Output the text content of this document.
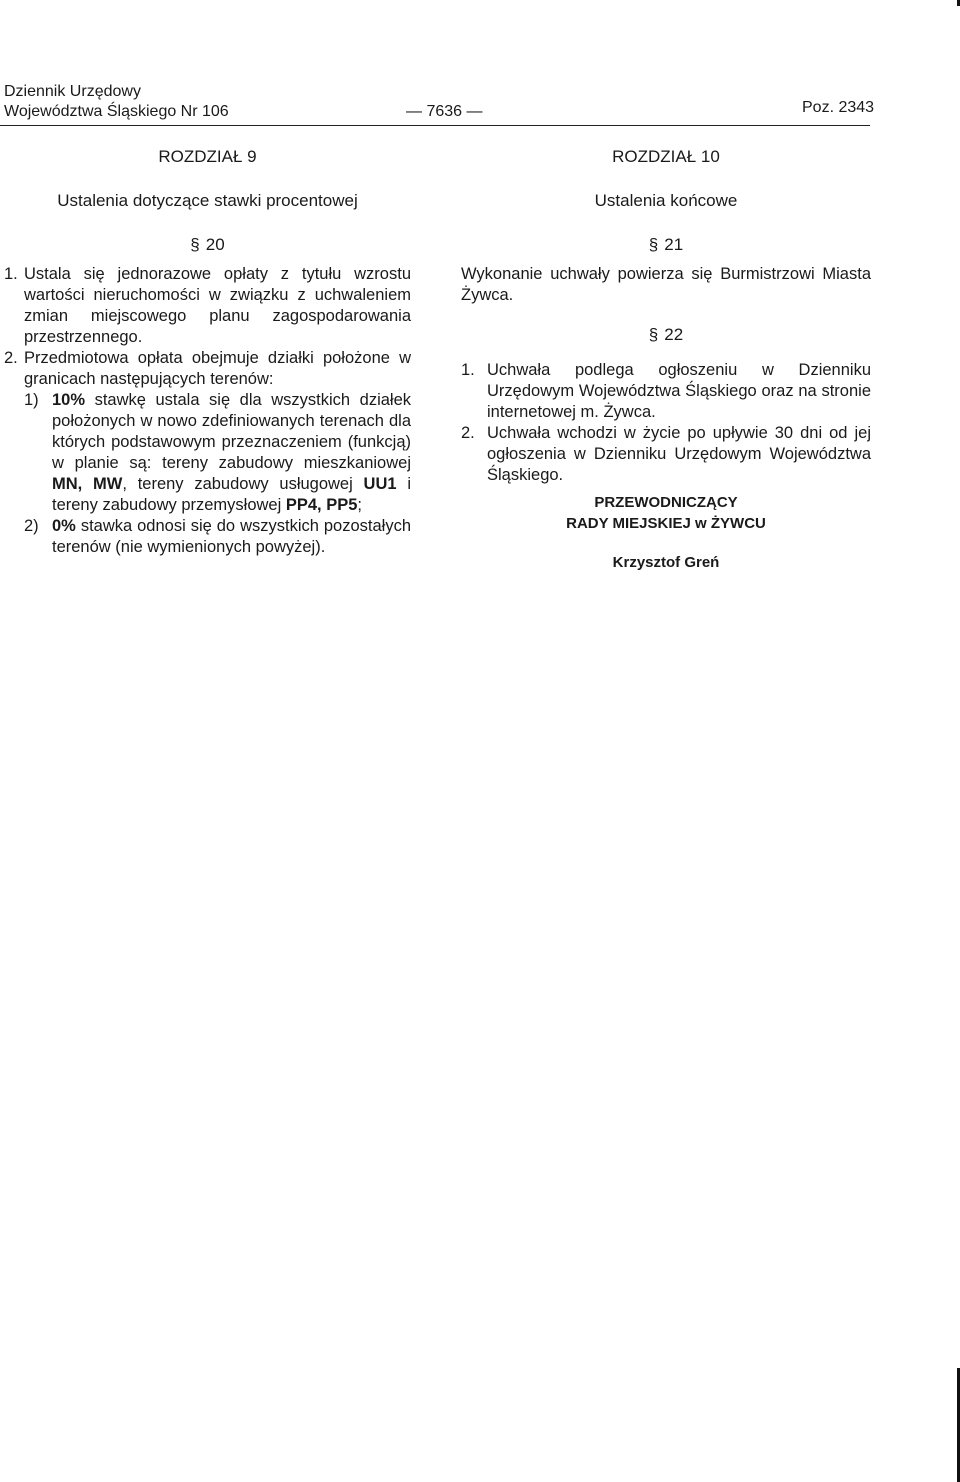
Dziennik Urzędowy
Województwa Śląskiego Nr 106	— 7636 —	Poz. 2343
ROZDZIAŁ 9
Ustalenia dotyczące stawki procentowej
§ 20
1. Ustala się jednorazowe opłaty z tytułu wzrostu wartości nieruchomości w związku z uchwaleniem zmian miejscowego planu zagospodarowania przestrzennego.
2. Przedmiotowa opłata obejmuje działki położone w granicach następujących terenów:
1) 10% stawkę ustala się dla wszystkich działek położonych w nowo zdefiniowanych terenach dla których podstawowym przeznaczeniem (funkcją) w planie są: tereny zabudowy mieszkaniowej MN, MW, tereny zabudowy usługowej UU1 i tereny zabudowy przemysłowej PP4, PP5;
2) 0% stawka odnosi się do wszystkich pozostałych terenów (nie wymienionych powyżej).
ROZDZIAŁ 10
Ustalenia końcowe
§ 21
Wykonanie uchwały powierza się Burmistrzowi Miasta Żywca.
§ 22
1. Uchwała podlega ogłoszeniu w Dzienniku Urzędowym Województwa Śląskiego oraz na stronie internetowej m. Żywca.
2. Uchwała wchodzi w życie po upływie 30 dni od jej ogłoszenia w Dzienniku Urzędowym Województwa Śląskiego.
PRZEWODNICZĄCY
RADY MIEJSKIEJ w ŻYWCU
Krzysztof Greń
